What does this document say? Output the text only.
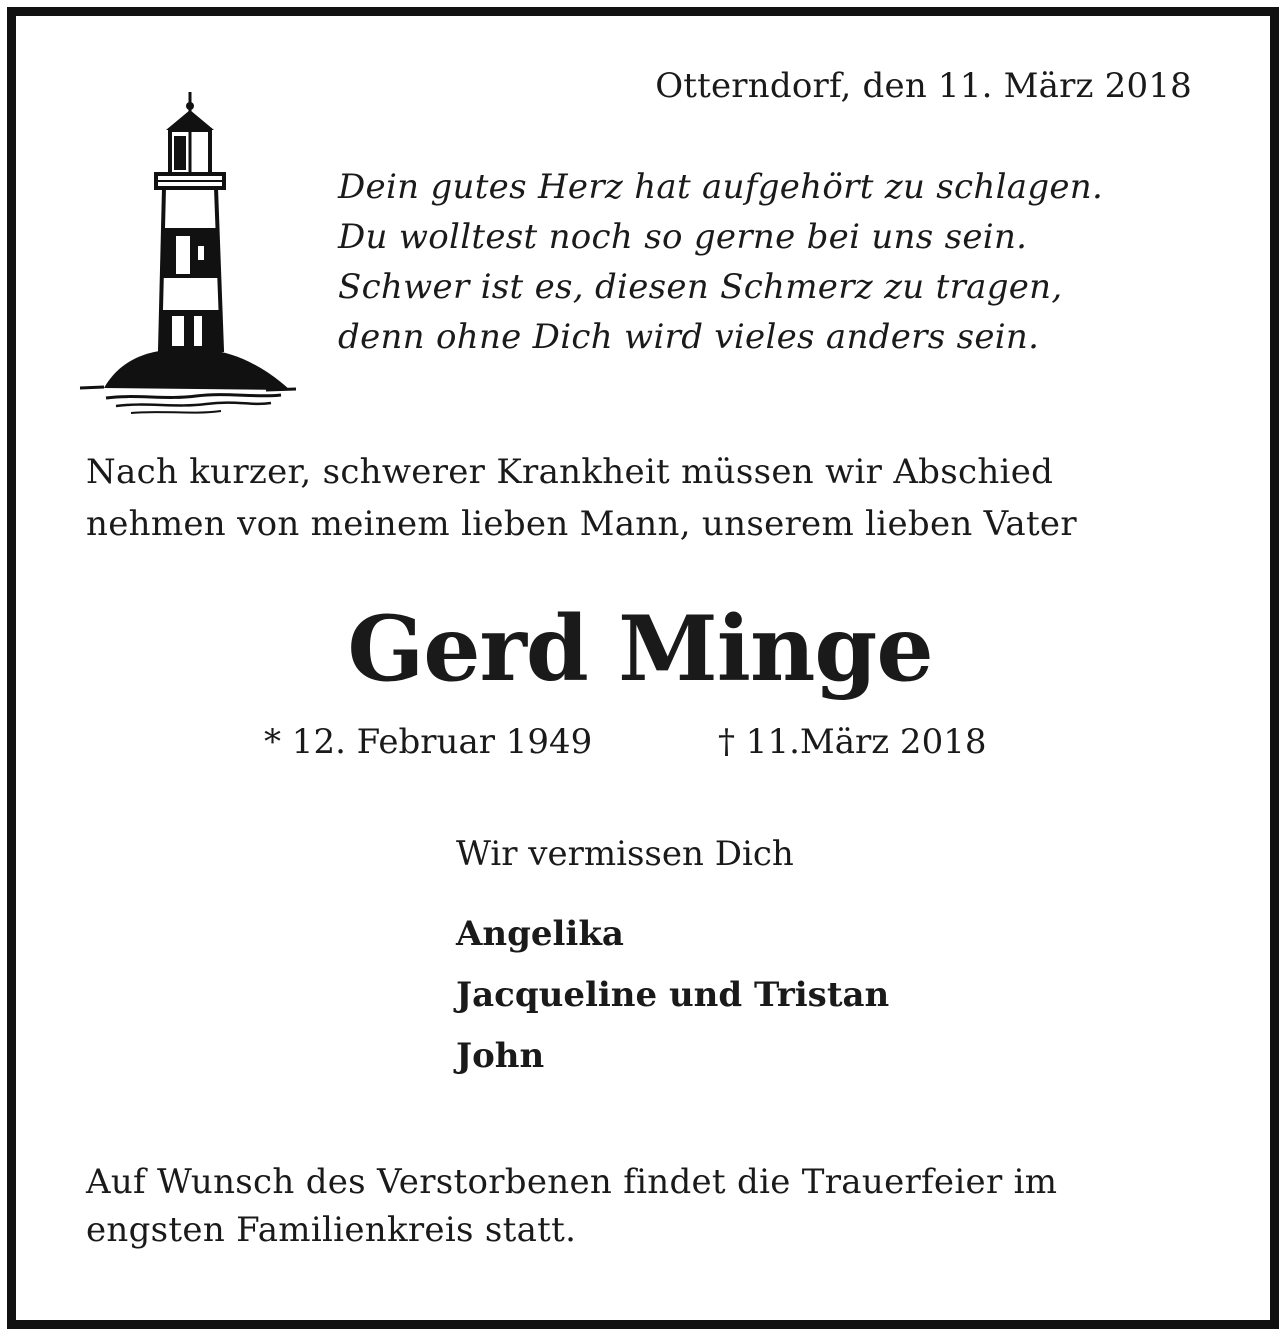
Otterndorf, den 11. März 2018
Dein gutes Herz hat aufgehört zu schlagen.
Du wolltest noch so gerne bei uns sein.
Schwer ist es, diesen Schmerz zu tragen,
denn ohne Dich wird vieles anders sein.
Nach kurzer, schwerer Krankheit müssen wir Abschied
nehmen von meinem lieben Mann, unserem lieben Vater
Gerd Minge
* 12. Februar 1949	† 11.März 2018
Wir vermissen Dich
Angelika
Jacqueline und Tristan
John
Auf Wunsch des Verstorbenen findet die Trauerfeier im
engsten Familienkreis statt.
